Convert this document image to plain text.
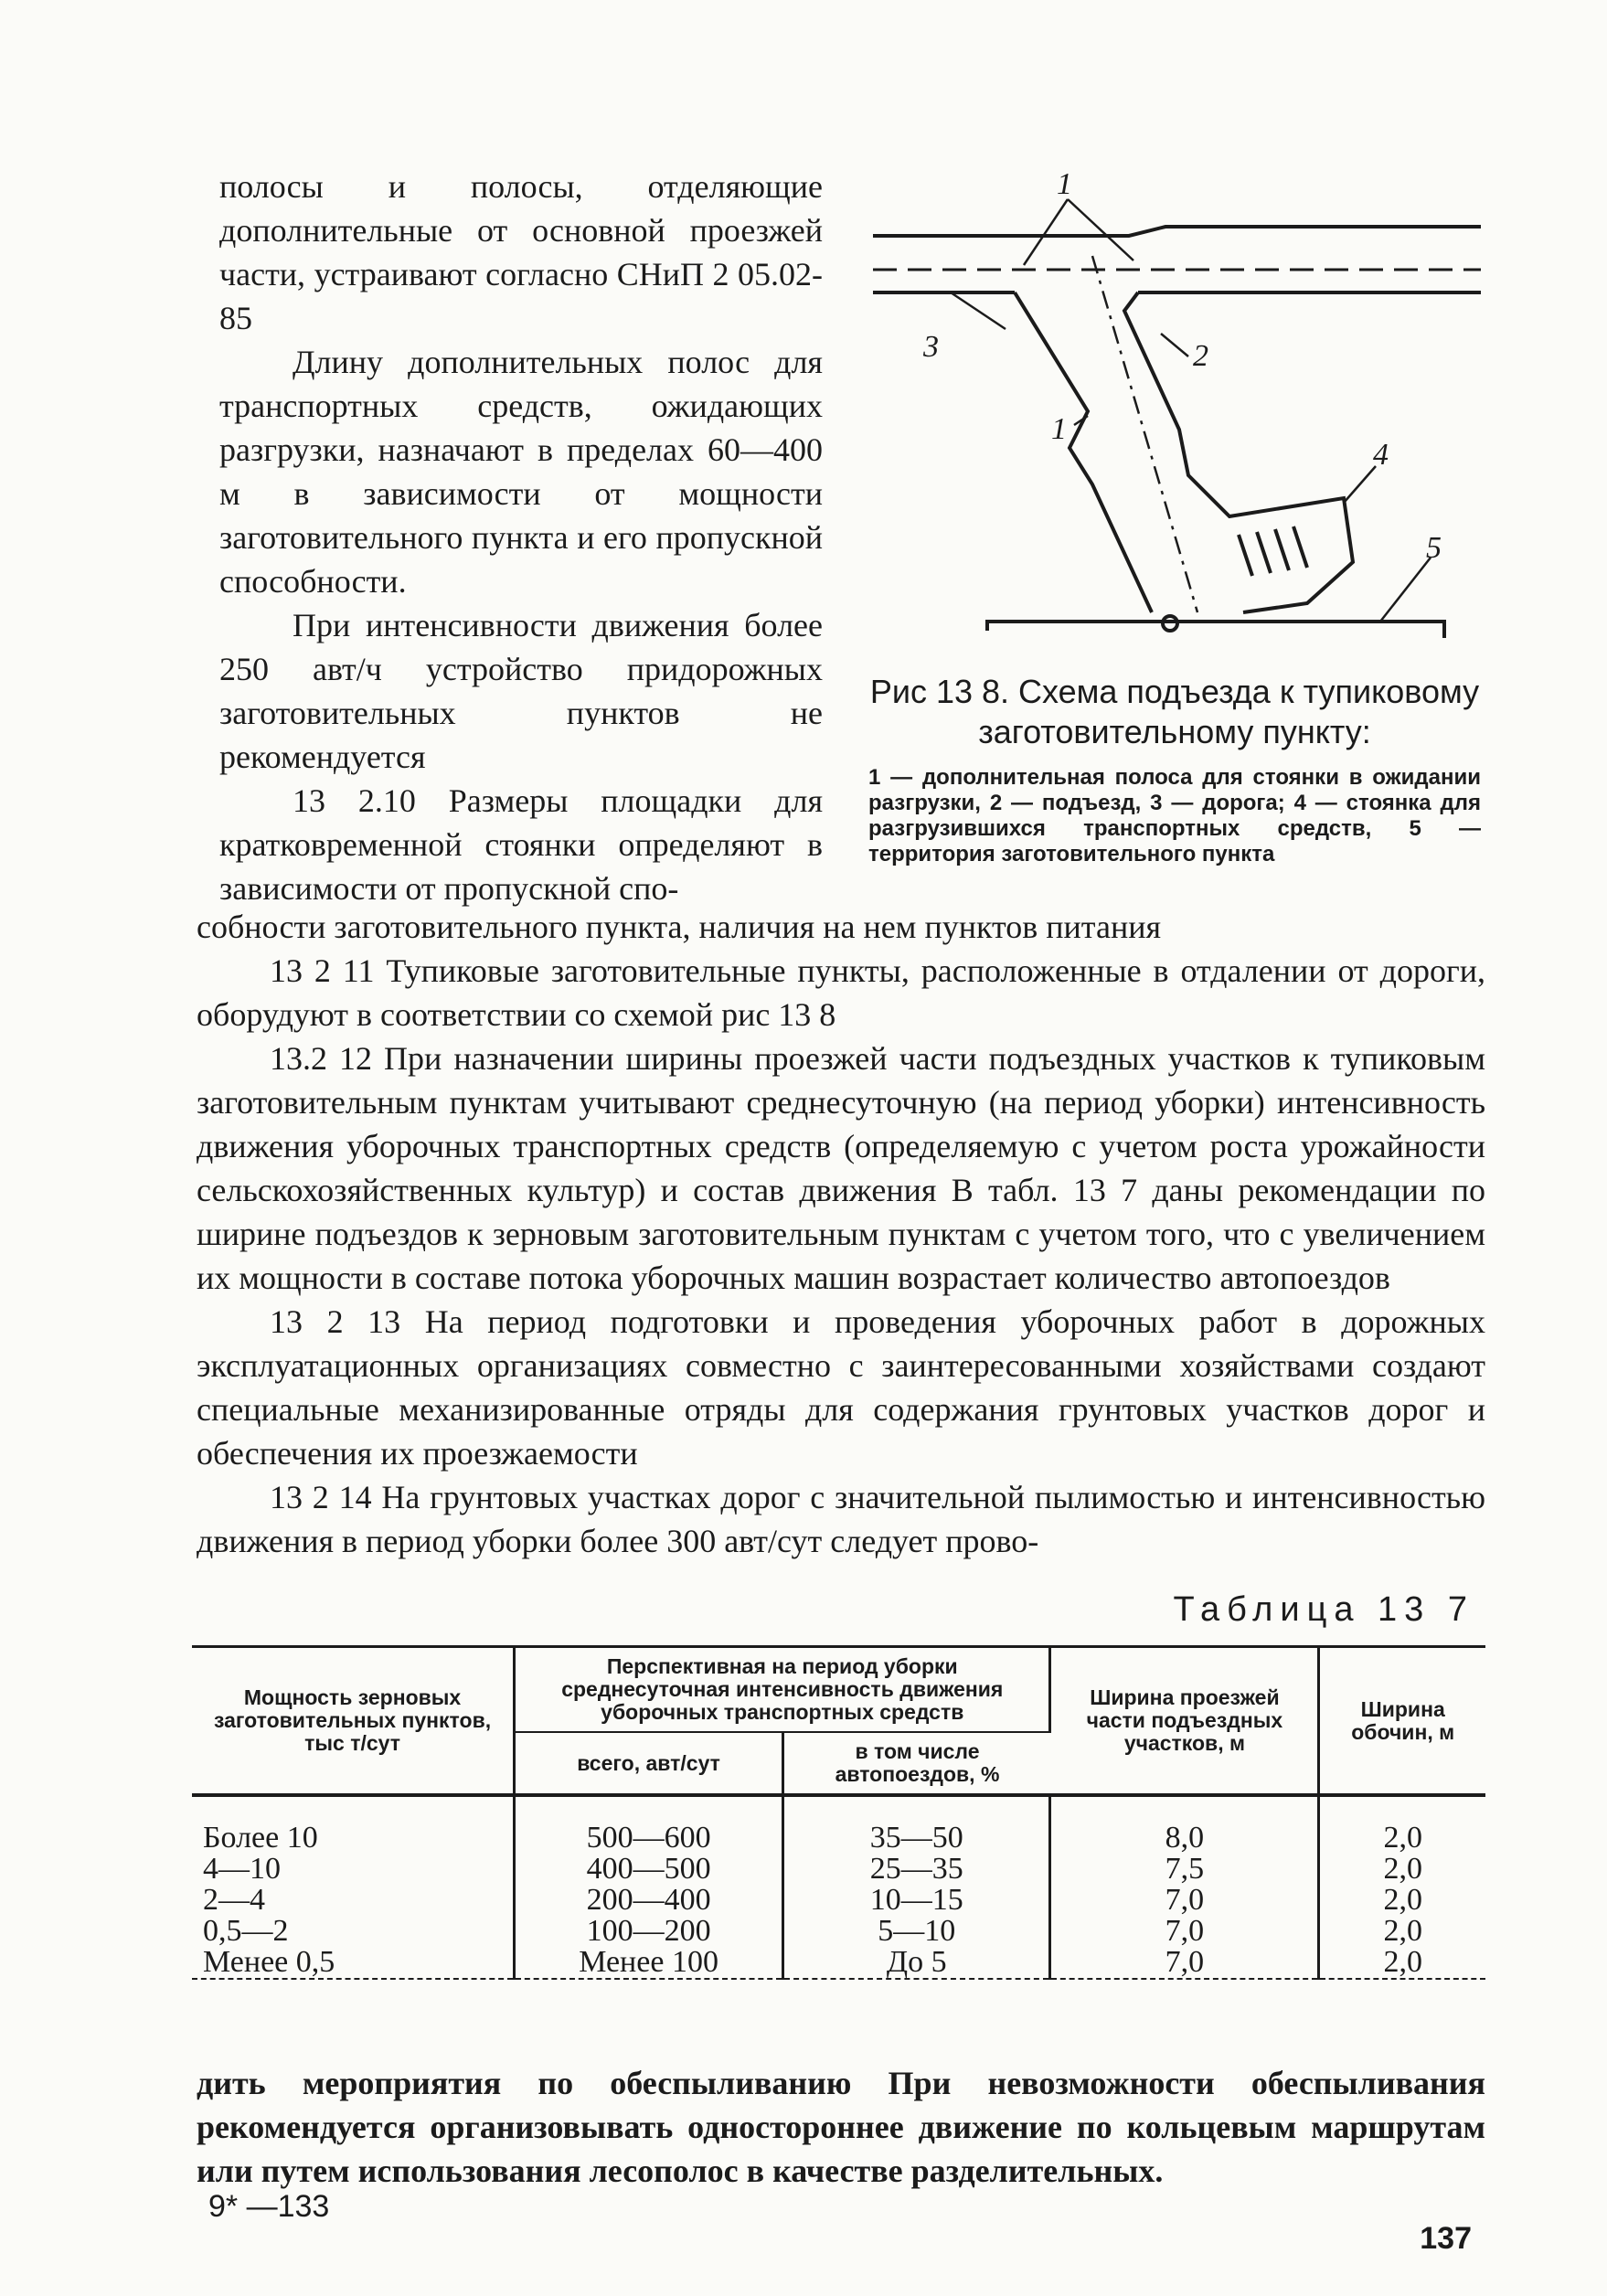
полосы и полосы, отделяющие дополнительные от основной проезжей части, устраивают согласно СНиП 2 05.02-85

Длину дополнительных полос для транспортных средств, ожидающих разгрузки, назначают в пределах 60—400 м в зависимости от мощности заготовительного пункта и его пропускной способности.

При интенсивности движения более 250 авт/ч устройство придорожных заготовительных пунктов не рекомендуется

13 2.10 Размеры площадки для кратковременной стоянки определяют в зависимости от пропускной спо-

1
3	2
1
4
5
Рис 13 8. Схема подъезда к тупиковому заготовительному пункту:
1 — дополнительная полоса для стоянки в ожидании разгрузки, 2 — подъезд, 3 — дорога; 4 — стоянка для разгрузившихся транспортных средств, 5 — территория заготовительного пункта

собности заготовительного пункта, наличия на нем пунктов питания

13 2 11 Тупиковые заготовительные пункты, расположенные в отдалении от дороги, оборудуют в соответствии со схемой рис 13 8

13.2 12 При назначении ширины проезжей части подъездных участков к тупиковым заготовительным пунктам учитывают среднесуточную (на период уборки) интенсивность движения уборочных транспортных средств (определяемую с учетом роста урожайности сельскохозяйственных культур) и состав движения В табл. 13 7 даны рекомендации по ширине подъездов к зерновым заготовительным пунктам с учетом того, что с увеличением их мощности в составе потока уборочных машин возрастает количество автопоездов

13 2 13 На период подготовки и проведения уборочных работ в дорожных эксплуатационных организациях совместно с заинтересованными хозяйствами создают специальные механизированные отряды для содержания грунтовых участков дорог и обеспечения их проезжаемости

13 2 14 На грунтовых участках дорог с значительной пылимостью и интенсивностью движения в период уборки более 300 авт/сут следует прово-

Таблица 13 7
Мощность зерновых заготовительных пунктов, тыс т/сут	Перспективная на период уборки среднесуточная интенсивность движения уборочных транспортных средств		Ширина проезжей части подъездных участков, м	Ширина обочин, м
	всего, авт/сут	в том числе автопоездов, %		
Более 10	500—600	35—50	8,0	2,0
4—10	400—500	25—35	7,5	2,0
2—4	200—400	10—15	7,0	2,0
0,5—2	100—200	5—10	7,0	2,0
Менее 0,5	Менее 100	До 5	7,0	2,0

дить мероприятия по обеспыливанию При невозможности обеспыливания рекомендуется организовывать одностороннее движение по кольцевым маршрутам или путем использования лесополос в качестве разделительных.

9* —133
137
